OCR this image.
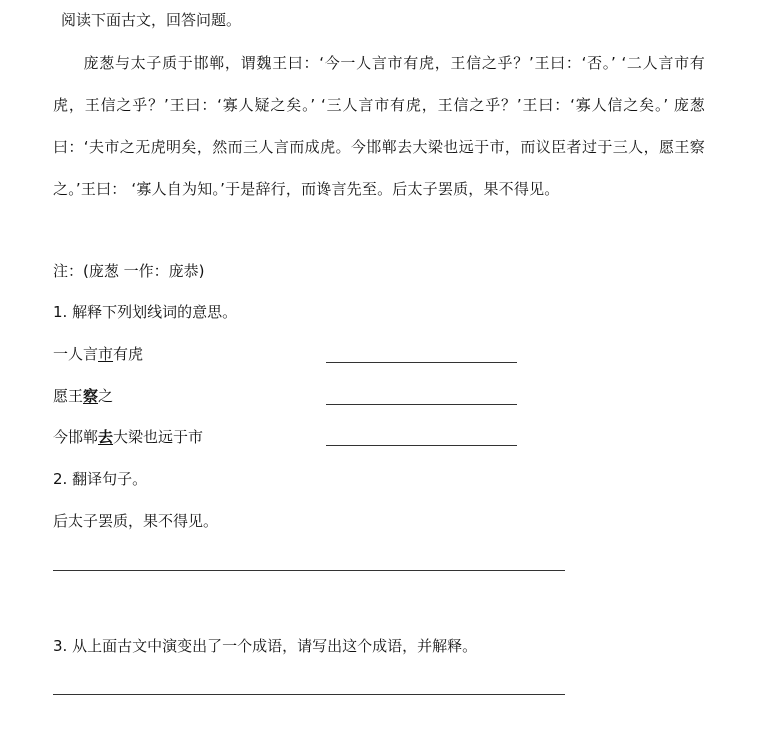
阅读下面古文，回答问题。
庞葱与太子质于邯郸，谓魏王曰：‘今一人言市有虎，王信之乎？’王曰：‘否。’ ‘二人言市有虎，王信之乎？’王曰：‘寡人疑之矣。’ ‘三人言市有虎，王信之乎？’王曰：‘寡人信之矣。’ 庞葱曰：‘夫市之无虎明矣，然而三人言而成虎。今邯郸去大梁也远于市，而议臣者过于三人，愿王察之。’王曰： ‘寡人自为知。’于是辞行，而谗言先至。后太子罢质，果不得见。
注：(庞葱 一作：庞恭)
1. 解释下列划线词的意思。
一人言市有虎
愿王察之
今邯郸去大梁也远于市
2. 翻译句子。
后太子罢质，果不得见。
3. 从上面古文中演变出了一个成语，请写出这个成语，并解释。
